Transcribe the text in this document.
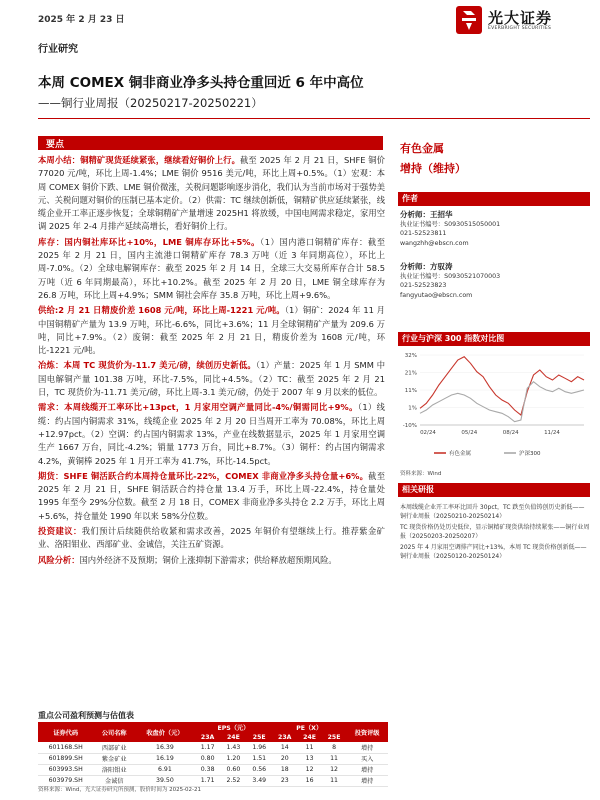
2025 年 2 月 23 日	光大证券
EVERBRIGHT SECURITIES
行业研究
本周 COMEX 铜非商业净多头持仓重回近 6 年中高位
——铜行业周报（20250217-20250221）
要点

本周小结：铜精矿现货延续紧张，继续看好铜价上行。截至 2025 年 2 月 21 日，SHFE 铜价 77020 元/吨，环比上周-1.4%；LME 铜价 9516 美元/吨，环比上周+0.5%。（1）宏观：本周 COMEX 铜价下跌、LME 铜价微涨，关税问题影响逐步消化，我们认为当前市场对于强势美元、关税问题对铜价的压制已基本定价。（2）供需：TC 继续创新低，铜精矿供应延续紧张，线缆企业开工率正逐步恢复；全球铜精矿产量增速 2025H1 将放缓，中国电网需求稳定，家用空调 2025 年 2-4 月排产延续高增长，看好铜价上行。

库存：国内铜社库环比+10%，LME 铜库存环比+5%。（1）国内港口铜精矿库存：截至 2025 年 2 月 21 日，国内主流港口铜精矿库存 78.3 万吨（近 3 年同期高位），环比上周-7.0%。（2）全球电解铜库存：截至 2025 年 2 月 14 日，全球三大交易所库存合计 58.5 万吨（近 6 年同期最高），环比+10.2%。截至 2025 年 2 月 20 日，LME 铜全球库存为 26.8 万吨，环比上周+4.9%；SMM 铜社会库存 35.8 万吨，环比上周+9.6%。

供给:2 月 21 日精废价差 1608 元/吨，环比上周-1221 元/吨。（1）铜矿：2024 年 11 月中国铜精矿产量为 13.9 万吨，环比-6.6%，同比+3.6%；11 月全球铜精矿产量为 209.6 万吨，同比+7.9%。（2）废铜：截至 2025 年 2 月 21 日，精废价差为 1608 元/吨，环比-1221 元/吨。

冶炼：本周 TC 现货价为-11.7 美元/磅，续创历史新低。（1）产量：2025 年 1 月 SMM 中国电解铜产量 101.38 万吨，环比-7.5%，同比+4.5%。（2）TC：截至 2025 年 2 月 21 日，TC 现货价为-11.71 美元/磅，环比上周-3.1 美元/磅，仍处于 2007 年 9 月以来的低位。

需求：本周线缆开工率环比+13pct，1 月家用空调产量同比-4%/铜需同比+9%。（1）线缆：约占国内铜需求 31%，线缆企业 2025 年 2 月 20 日当周开工率为 70.08%，环比上周+12.97pct。（2）空调：约占国内铜需求 13%，产业在线数据显示，2025 年 1 月家用空调生产 1667 万台，同比-4.2%；销量 1773 万台，同比+8.7%。（3）铜杆：约占国内铜需求 4.2%，黄铜棒 2025 年 1 月开工率为 41.7%，环比-14.5pct。

期货：SHFE 铜活跃合约本周持仓量环比-22%，COMEX 非商业净多头持仓量+6%。截至 2025 年 2 月 21 日，SHFE 铜活跃合约持仓量 13.4 万手，环比上周-22.4%，持仓量处 1995 年至今 29%分位数。截至 2 月 18 日，COMEX 非商业净多头持仓 2.2 万手，环比上周+5.6%，持仓量处 1990 年以来 58%分位数。

投资建议：我们预计后续随供给收紧和需求改善，2025 年铜价有望继续上行。推荐紫金矿业、洛阳钼业、西部矿业、金诚信，关注五矿资源。

风险分析：国内外经济不及预期；铜价上涨抑制下游需求；供给释放超预期风险。

重点公司盈利预测与估值表
证券代码	公司名称	收盘价（元）	EPS（元）			PE（X）			投资评级
			23A	24E	25E	23A	24E	25E	
601168.SH	西部矿业	16.39	1.17	1.43	1.96	14	11	8	增持
601899.SH	紫金矿业	16.19	0.80	1.20	1.51	20	13	11	买入
603993.SH	洛阳钼业	6.91	0.38	0.60	0.56	18	12	12	增持
603979.SH	金诚信	39.50	1.71	2.52	3.49	23	16	11	增持
资料来源：Wind，光大证券研究所预测，股价时间为 2025-02-21
有色金属
增持（维持）
作者
分析师：王招华
执业证书编号：S0930515050001
021-52523811
wangzhh@ebscn.com
分析师：方驭涛
执业证书编号：S0930521070003
021-52523823
fangyutao@ebscn.com
行业与沪深 300 指数对比图
-10%
1%
11%
21%
32%
02/24	05/24	08/24	11/24
有色金属	沪深300
资料来源：Wind
相关研报

本周线缆企业开工率环比回升 30pct，TC 跌至负值铸创历史新低——铜行业周报（20250210-20250214）

TC 现货价格仍处历史低位，显示铜精矿现货供给持续紧张——铜行业周报（20250203-20250207）

2025 年 4 月家用空调排产同比+13%，本周 TC 现货价格创新低——铜行业周报（20250120-20250124）
